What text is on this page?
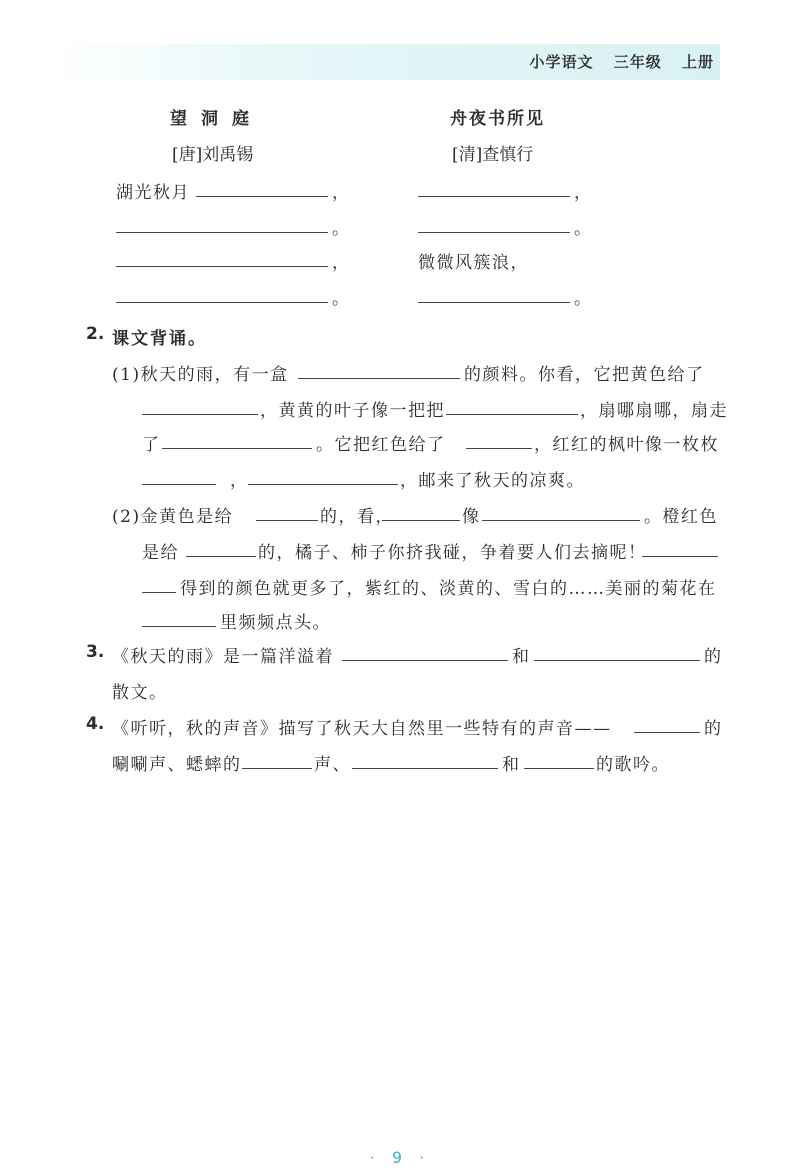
小学语文 三年级 上册
望洞庭
[唐]刘禹锡
湖光秋月	，
。
，
。
舟夜书所见
[清]查慎行
，
。
微微风簇浪，
。
2. 课文背诵。
(1)秋天的雨，有一盒	的颜料。你看，它把黄色给了
，黄黄的叶子像一把把	，扇哪扇哪，扇走
了	。它把红色给了	，红红的枫叶像一枚枚
，	，邮来了秋天的凉爽。
(2)金黄色是给	的，看，	像	。橙红色
是给	的，橘子、柿子你挤我碰，争着要人们去摘呢！
得到的颜色就更多了，紫红的、淡黄的、雪白的……美丽的菊花在
里频频点头。
3. 《秋天的雨》是一篇洋溢着	和	的
散文。
4. 《听听，秋的声音》描写了秋天大自然里一些特有的声音——	的
唰唰声、蟋蟀的	声、	和	的歌吟。
· 9 ·
